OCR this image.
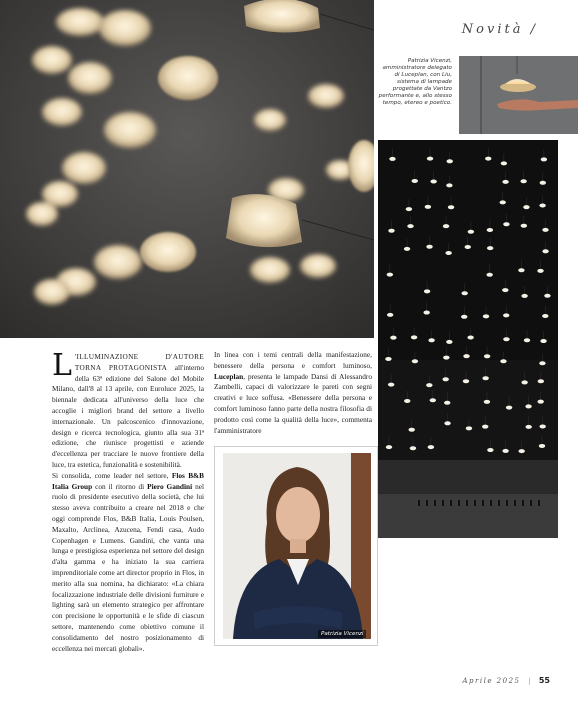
Novità /
Patrizia Vicenzi, amministratore delegato di Luceplan, con Liu, sistema di lampade progettate da Vantzo performante e, allo stesso tempo, etereo e poetico.

L 'ILLUMINAZIONE D'AUTORE TORNA PROTAGONISTA all'interno della 63ª edizione del Salone del Mobile Milano, dall'8 al 13 aprile, con Euroluce 2025, la biennale dedicata all'universo della luce che accoglie i migliori brand del settore a livello internazionale. Un palcoscenico d'innovazione, design e ricerca tecnologica, giunto alla sua 31ª edizione, che riunisce progettisti e aziende d'eccellenza per tracciare le nuove frontiere della luce, tra estetica, funzionalità e sostenibilità.

Si consolida, come leader nel settore, Flos B&B Italia Group con il ritorno di Piero Gandini nel ruolo di presidente esecutivo della società, che lui stesso aveva contribuito a creare nel 2018 e che oggi comprende Flos, B&B Italia, Louis Poulsen, Maxalto, Arclinea, Azucena, Fendi casa, Audo Copenhagen e Lumens. Gandini, che vanta una lunga e prestigiosa esperienza nel settore del design d'alta gamma e ha iniziato la sua carriera imprenditoriale come art director proprio in Flos, in merito alla sua nomina, ha dichiarato: «La chiara focalizzazione industriale delle divisioni furniture e lighting sarà un elemento strategico per affrontare con precisione le opportunità e le sfide di ciascun settore, mantenendo come obiettivo comune il consolidamento del nostro posizionamento di eccellenza nei mercati globali».

In linea con i temi centrali della manifestazione, benessere della persona e comfort luminoso, Luceplan, presenta le lampade Dansi di Alessandro Zambelli, capaci di valorizzare le pareti con segni creativi e luce soffusa. «Benessere della persona e comfort luminoso fanno parte della nostra filosofia di prodotto così come la qualità della luce», commenta l'amministratore

Patrizia Vicenzi
Aprile 2025 | 55
